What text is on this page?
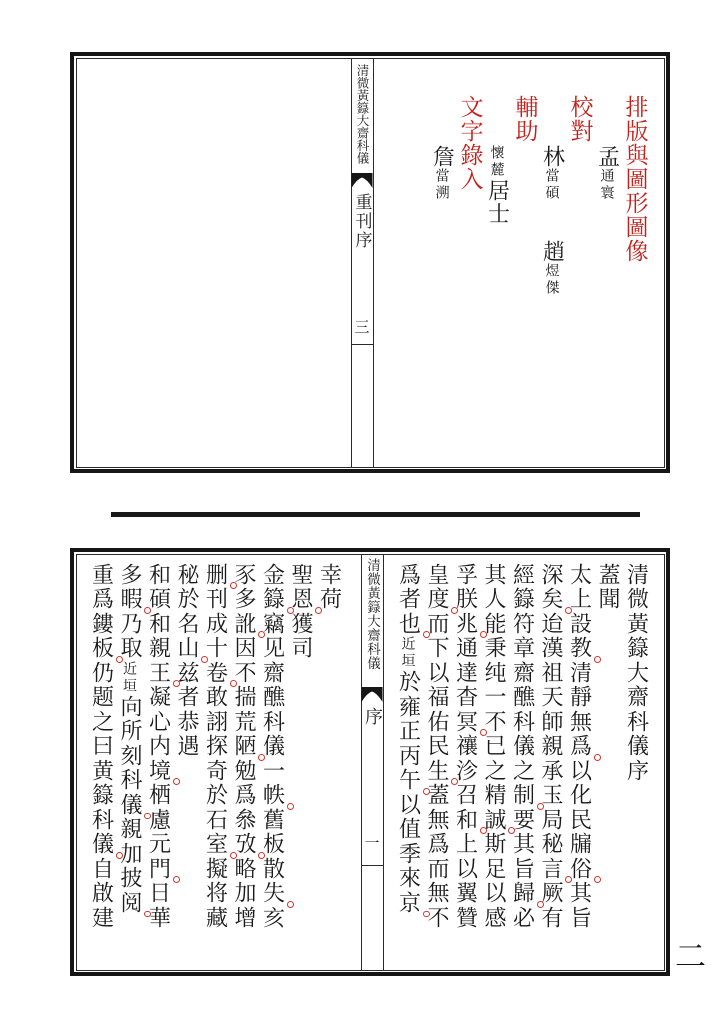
清微黃籙大齋科儀
重刊序
三
排版與圖形圖像
孟通寰
校對
林當碩趙煜傑
輔助
懷麓居士
文字錄入
詹當溯
幸荷
聖恩
獲司
金籙
竊见齋醮科儀一帙
舊板散失
亥
豕多訛
因不揣荒陋
勉爲叅攷
略加增
删
刊成十卷
敢詡探奇於石室
擬将藏
秘於名山
兹者恭遇
和碩和親王
凝心内境
栖慮元門
日華
多暇
乃取近垣向所刻科儀
親加披阅
重爲鏤板
仍题之曰黄籙科儀
自啟建
清微黃籙大齋科儀
序
一
清微黃籙大齋科儀序
蓋聞
太上設教
清靜無爲
以化民牖俗
其旨
深矣
迨漢祖天師親承玉局秘言
厥有
經籙符章齋醮科儀之制
要其旨歸
必
其人能秉纯一不已之精誠
斯足以感
孚朕兆
通達杳冥
禳沴召和
上以翼贊
皇度
而下以福佑民生
蓋無爲而無不
爲者也
近垣於雍正丙午
以值季來京
二
